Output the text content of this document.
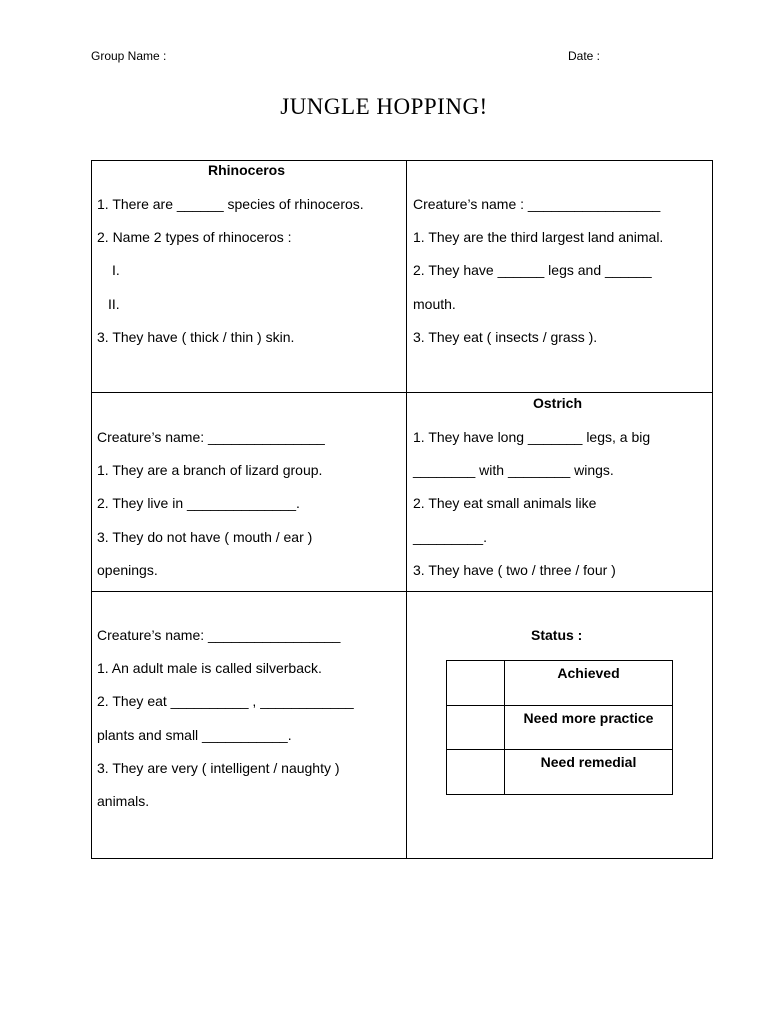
Group Name :	Date :
JUNGLE HOPPING!
Rhinoceros
1. There are ______ species of rhinoceros.
2. Name 2 types of rhinoceros :
I.
II.
3. They have ( thick / thin ) skin.
Creature’s name : _________________
1. They are the third largest land animal.
2. They have ______ legs and ______
mouth.
3. They eat ( insects / grass ).
Creature’s name: _______________
1. They are a branch of lizard group.
2. They live in ______________.
3. They do not have ( mouth / ear )
openings.
Ostrich
1. They have long _______ legs, a big
________ with ________ wings.
2. They eat small animals like
_________.
3. They have ( two / three / four )
Creature’s name: _________________
1. An adult male is called silverback.
2. They eat __________ , ____________
plants and small ___________.
3. They are very ( intelligent / naughty )
animals.
Status :
	Achieved
	Need more practice
	Need remedial
